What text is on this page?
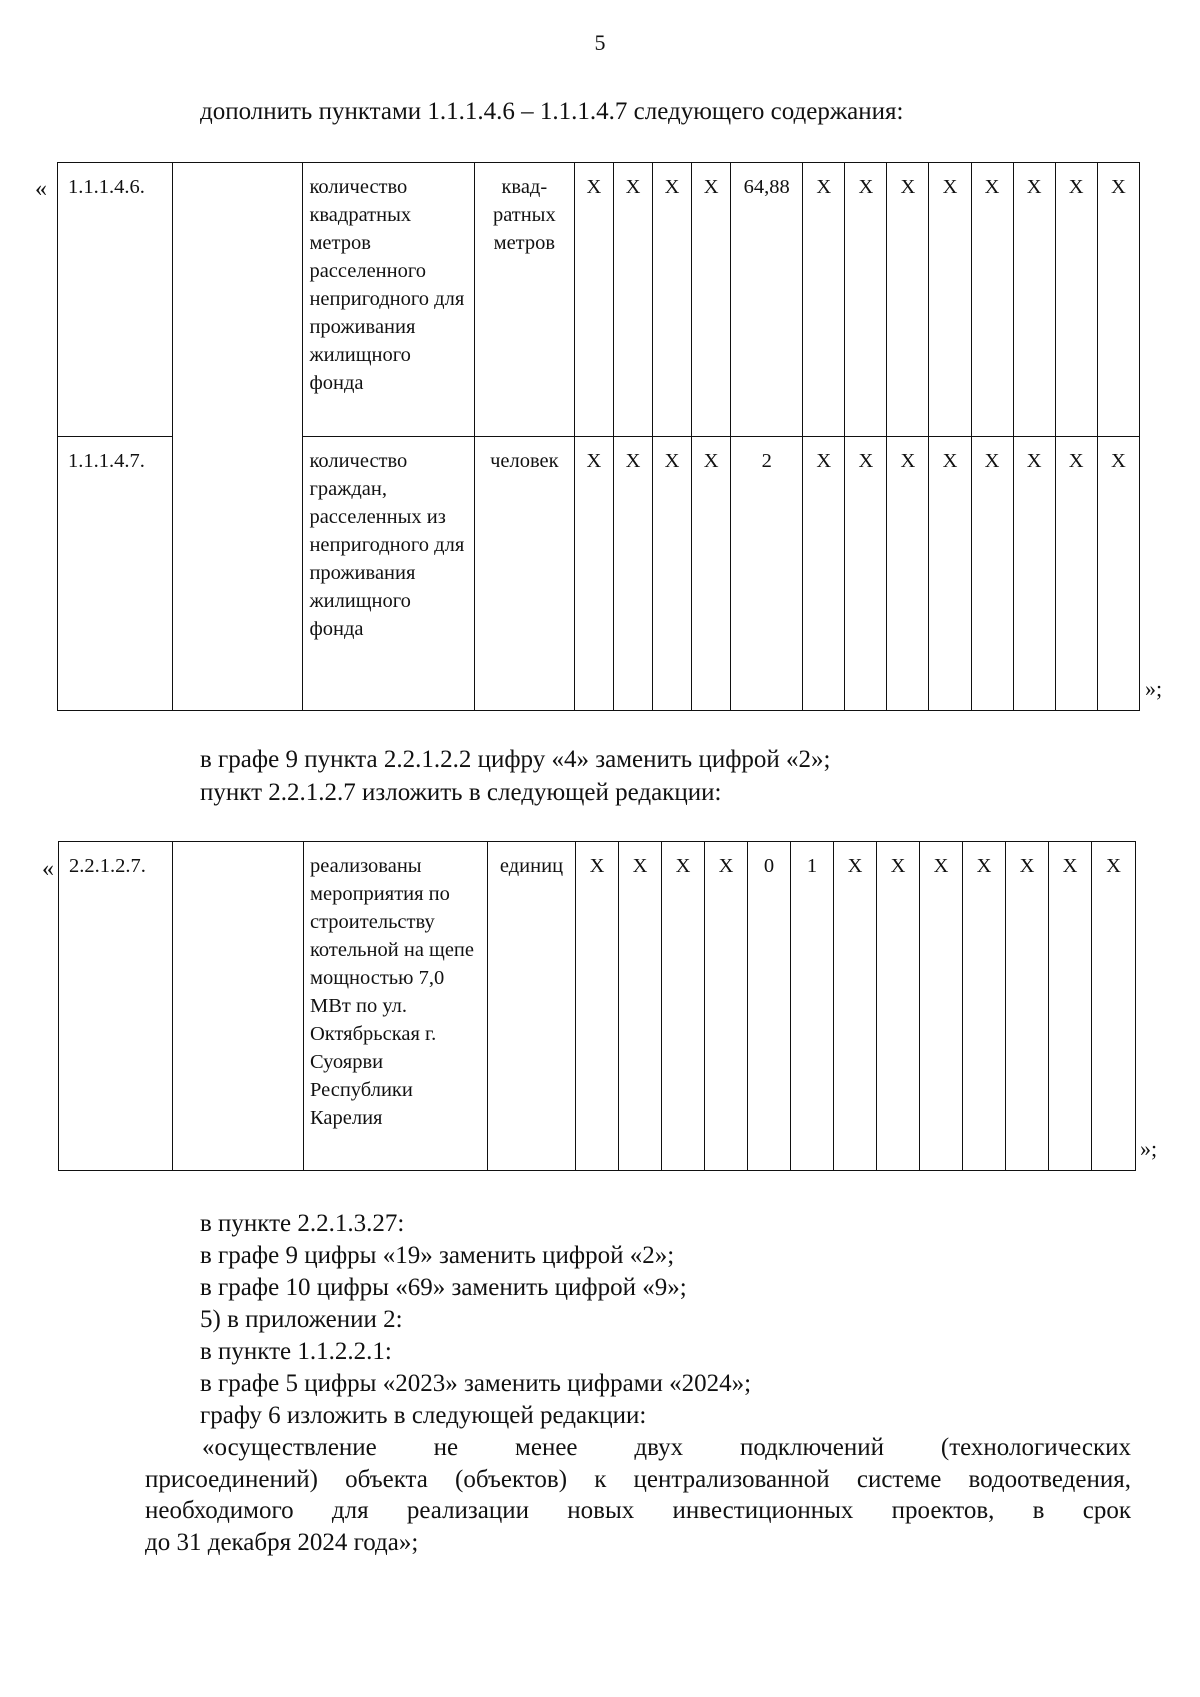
5
дополнить пунктами 1.1.1.4.6 – 1.1.1.4.7 следующего содержания:
« 1.1.1.4.6.		количество квадратных метров расселенного непригодного для проживания жилищного фонда	квад-ратных метров	X	X	X	X	64,88	X	X	X	X	X	X	X	X
1.1.1.4.7.		количество граждан, расселенных из непригодного для проживания жилищного фонда	человек	X	X	X	X	2	X	X	X	X	X	X	X	X
»;
в графе 9 пункта 2.2.1.2.2 цифру «4» заменить цифрой «2»;
пункт 2.2.1.2.7 изложить в следующей редакции:
« 2.2.1.2.7.		реализованы мероприятия по строительству котельной на щепе мощностью 7,0 МВт по ул. Октябрьская г. Суоярви Республики Карелия	единиц	X	X	X	X	0	1	X	X	X	X	X	X	X
»;
в пункте 2.2.1.3.27:
в графе 9 цифры «19» заменить цифрой «2»;
в графе 10 цифры «69» заменить цифрой «9»;
5) в приложении 2:
в пункте 1.1.2.2.1:
в графе 5 цифры «2023» заменить цифрами «2024»;
графу 6 изложить в следующей редакции:

«осуществление не менее двух подключений (технологических

присоединений) объекта (объектов) к централизованной системе водоотведения,

необходимого для реализации новых инвестиционных проектов, в срок

до 31 декабря 2024 года»;
